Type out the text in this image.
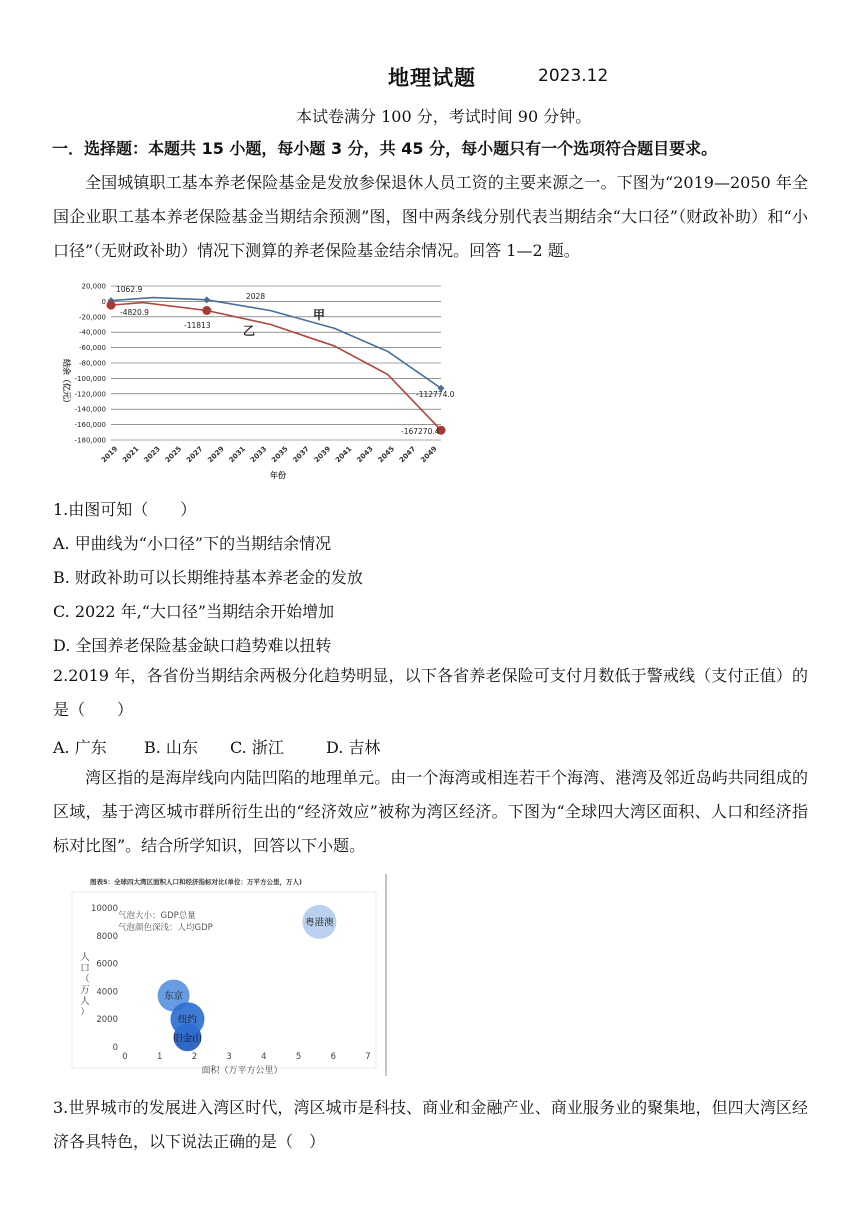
地理试题	2023.12
本试卷满分 100 分，考试时间 90 分钟。
一．选择题：本题共 15 小题，每小题 3 分，共 45 分，每小题只有一个选项符合题目要求。
全国城镇职工基本养老保险基金是发放参保退休人员工资的主要来源之一。下图为“2019—2050 年全国企业职工基本养老保险基金当期结余预测”图，图中两条线分别代表当期结余“大口径”（财政补助）和“小口径”（无财政补助）情况下测算的养老保险基金结余情况。回答 1—2 题。
20,000
0
-20,000
-40,000
-60,000
-80,000
-100,000
-120,000
-140,000
-160,000
-180,000
2019 2021 2023 2025 2027 2029 2031 2033 2035 2037 2039 2041 2043 2045 2047 2049
结余（亿元）
年份
1062.9
-4820.9
2028
-11813
-112774.0
-167270.4
甲
乙
1.由图可知（　　）
A. 甲曲线为“小口径”下的当期结余情况
B. 财政补助可以长期维持基本养老金的发放
C. 2022 年,“大口径”当期结余开始增加
D. 全国养老保险基金缺口趋势难以扭转
2.2019 年，各省份当期结余两极分化趋势明显，以下各省养老保险可支付月数低于警戒线（支付正值）的是（　　）
A. 广东 B. 山东 C. 浙江	D. 吉林
湾区指的是海岸线向内陆凹陷的地理单元。由一个海湾或相连若干个海湾、港湾及邻近岛屿共同组成的区域，基于湾区城市群所衍生出的“经济效应”被称为湾区经济。下图为“全球四大湾区面积、人口和经济指标对比图”。结合所学知识，回答以下小题。
图表5：全球四大湾区面积人口和经济指标对比(单位：万平方公里，万人)
10000
8000
6000
4000
2000
0
0	1	2	3	4	5	6	7
粤港澳
东京
纽约
旧金山
气泡大小：GDP总量
气泡颜色深浅：人均GDP
人
口
（
万
人
）
面积（万平方公里）
3.世界城市的发展进入湾区时代，湾区城市是科技、商业和金融产业、商业服务业的聚集地，但四大湾区经济各具特色，以下说法正确的是（　）
